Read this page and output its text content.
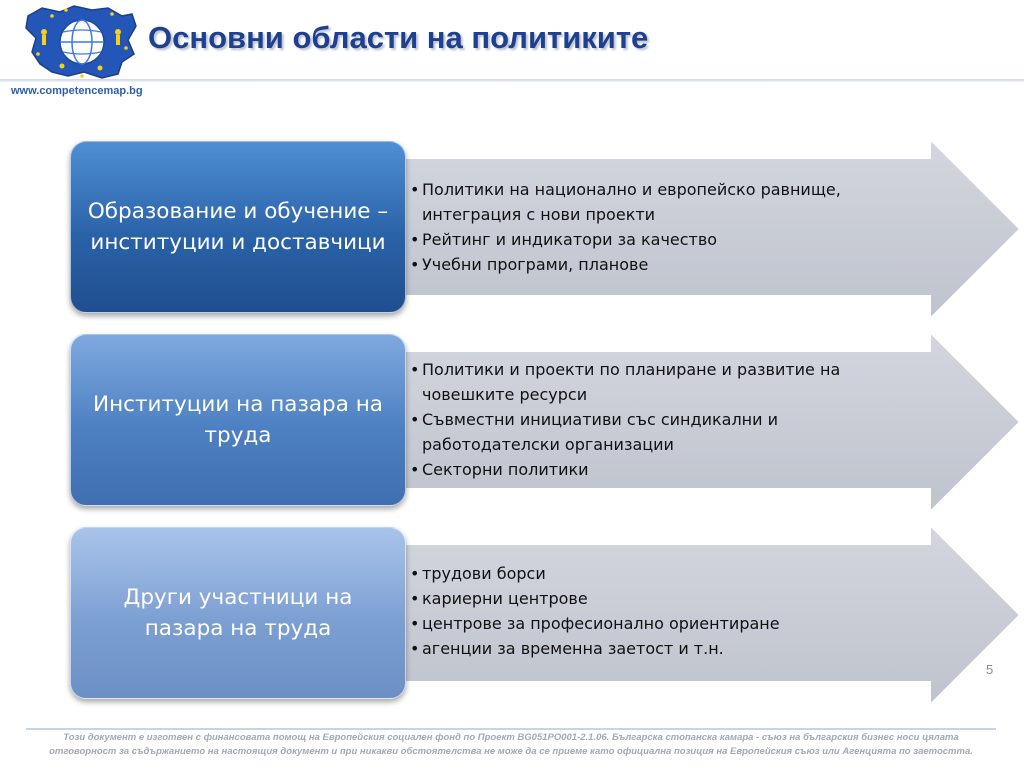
Основни области на политиките
www.competencemap.bg
Образование и обучение – институции и доставчици
• Политики на национално и европейско равнище, интеграция с нови проекти
• Рейтинг и индикатори за качество
• Учебни програми, планове
Институции на пазара на труда
• Политики и проекти по планиране и развитие на човешките ресурси
• Съвместни инициативи със синдикални и работодателски организации
• Секторни политики
Други участници на пазара на труда
• трудови борси
• кариерни центрове
• центрове за професионално ориентиране
• агенции за временна заетост и т.н.
5
Този документ е изготвен с финансовата помощ на Европейския социален фонд по Проект BG051PO001-2.1.06. Българска стопанска камара - съюз на българския бизнес носи цялата
отговорност за съдържанието на настоящия документ и при никакви обстоятелства не може да се приеме като официална позиция на Европейския съюз или Агенцията по заетостта.
